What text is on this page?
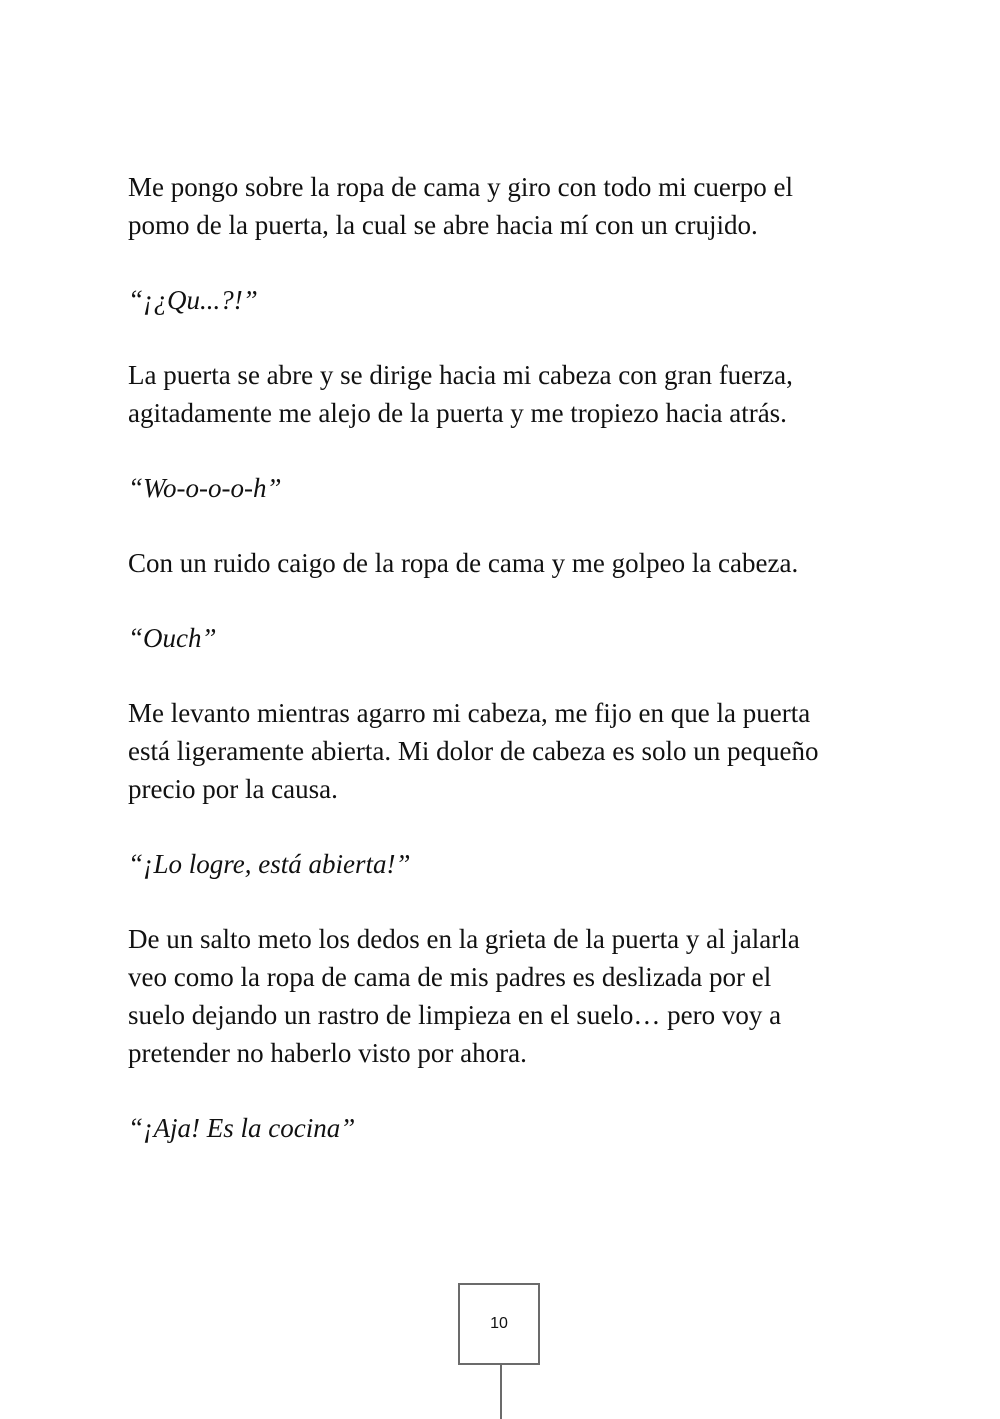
Me pongo sobre la ropa de cama y giro con todo mi cuerpo el
pomo de la puerta, la cual se abre hacia mí con un crujido.
“¡¿Qu...?!”
La puerta se abre y se dirige hacia mi cabeza con gran fuerza,
agitadamente me alejo de la puerta y me tropiezo hacia atrás.
“Wo-o-o-o-h”
Con un ruido caigo de la ropa de cama y me golpeo la cabeza.
“Ouch”
Me levanto mientras agarro mi cabeza, me fijo en que la puerta
está ligeramente abierta. Mi dolor de cabeza es solo un pequeño
precio por la causa.
“¡Lo logre, está abierta!”
De un salto meto los dedos en la grieta de la puerta y al jalarla
veo como la ropa de cama de mis padres es deslizada por el
suelo dejando un rastro de limpieza en el suelo… pero voy a
pretender no haberlo visto por ahora.
“¡Aja! Es la cocina”
10
